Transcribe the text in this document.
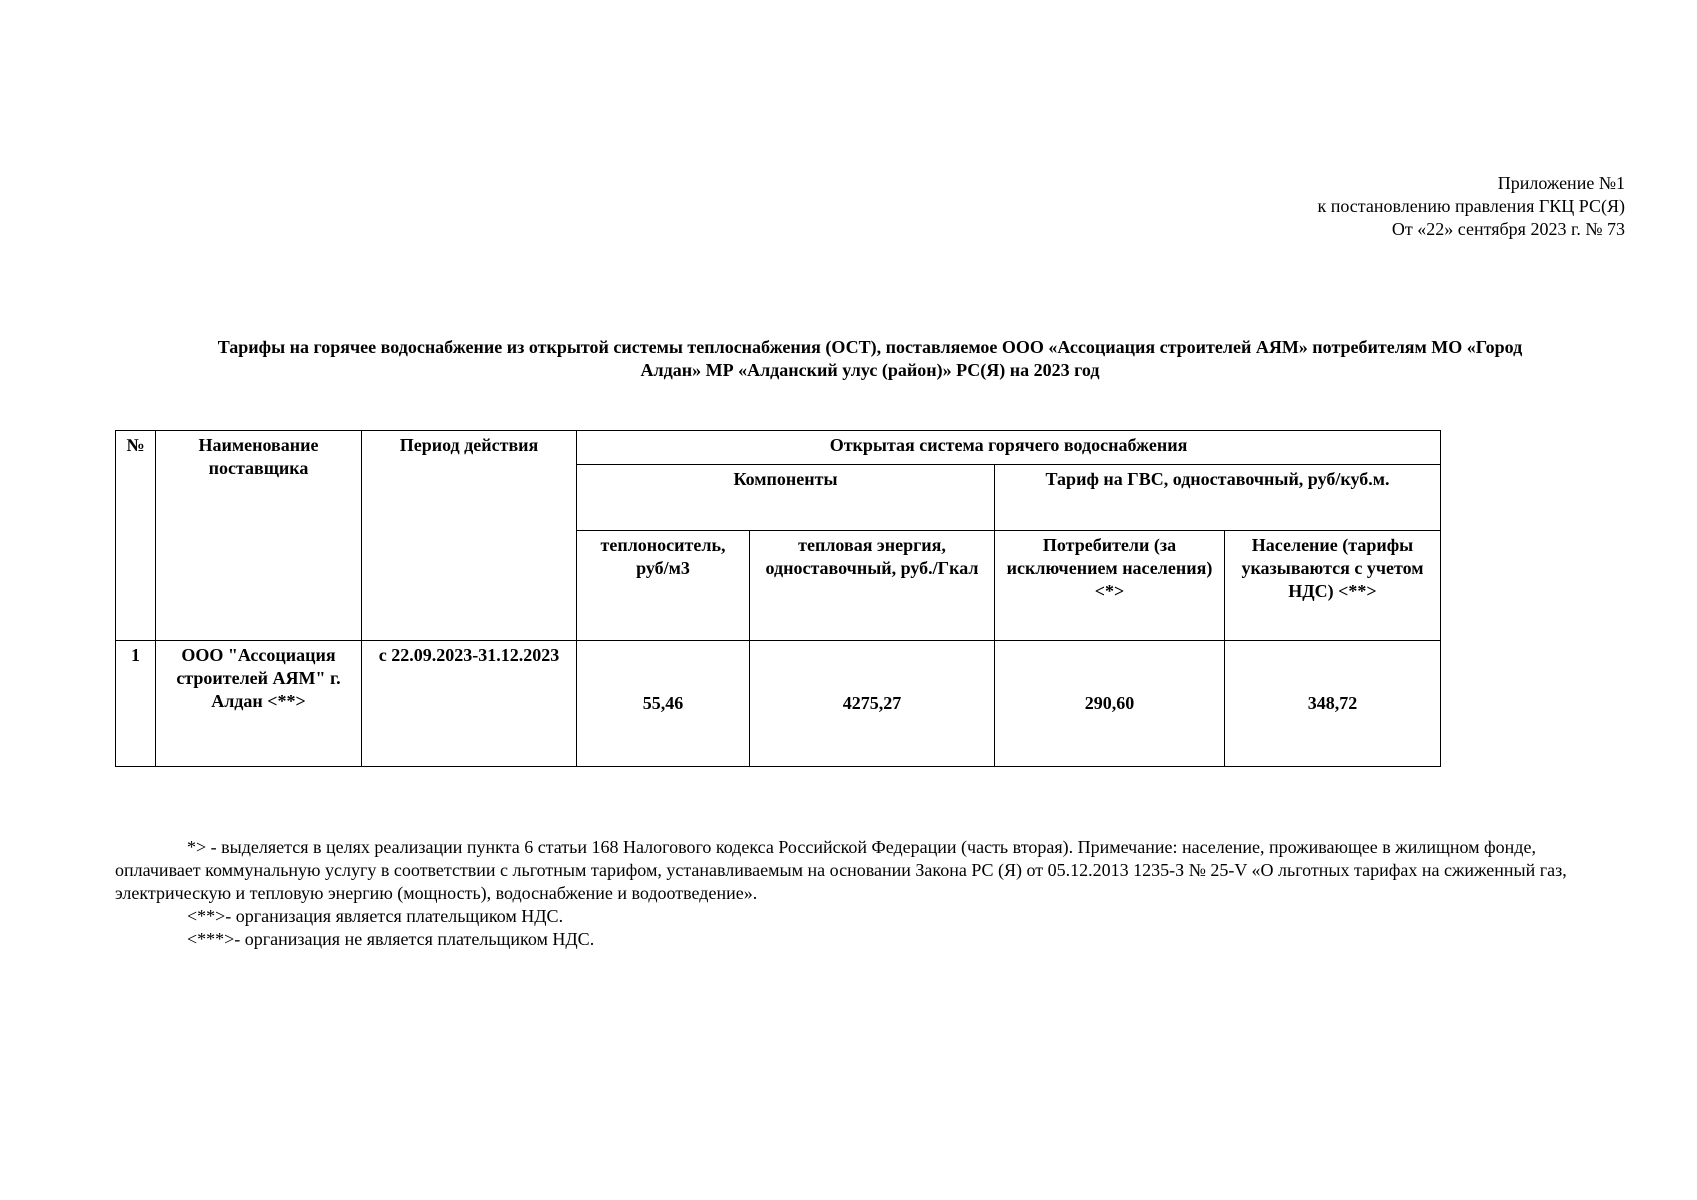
Приложение №1
к постановлению правления ГКЦ РС(Я)
От «22» сентября 2023 г. № 73
Тарифы на горячее водоснабжение из открытой системы теплоснабжения (ОСТ), поставляемое ООО «Ассоциация строителей АЯМ» потребителям МО «Город
Алдан» МР «Алданский улус (район)» РС(Я) на 2023 год
№	Наименование поставщика	Период действия	Открытая система горячего водоснабжения			
			Компоненты		Тариф на ГВС, одноставочный, руб/куб.м.	
			теплоноситель, руб/м3	тепловая энергия, одноставочный, руб./Гкал	Потребители (за исключением населения) <*>	Население (тарифы указываются с учетом НДС) <**>
1	ООО "Ассоциация строителей АЯМ" г. Алдан <**>	с 22.09.2023-31.12.2023	55,46	4275,27	290,60	348,72

*> - выделяется в целях реализации пункта 6 статьи 168 Налогового кодекса Российской Федерации (часть вторая). Примечание: население, проживающее в жилищном фонде, оплачивает коммунальную услугу в соответствии с льготным тарифом, устанавливаемым на основании Закона РС (Я) от 05.12.2013 1235-З № 25-V «О льготных тарифах на сжиженный газ, электрическую и тепловую энергию (мощность), водоснабжение и водоотведение».

<**>- организация является плательщиком НДС.

<***>- организация не является плательщиком НДС.
